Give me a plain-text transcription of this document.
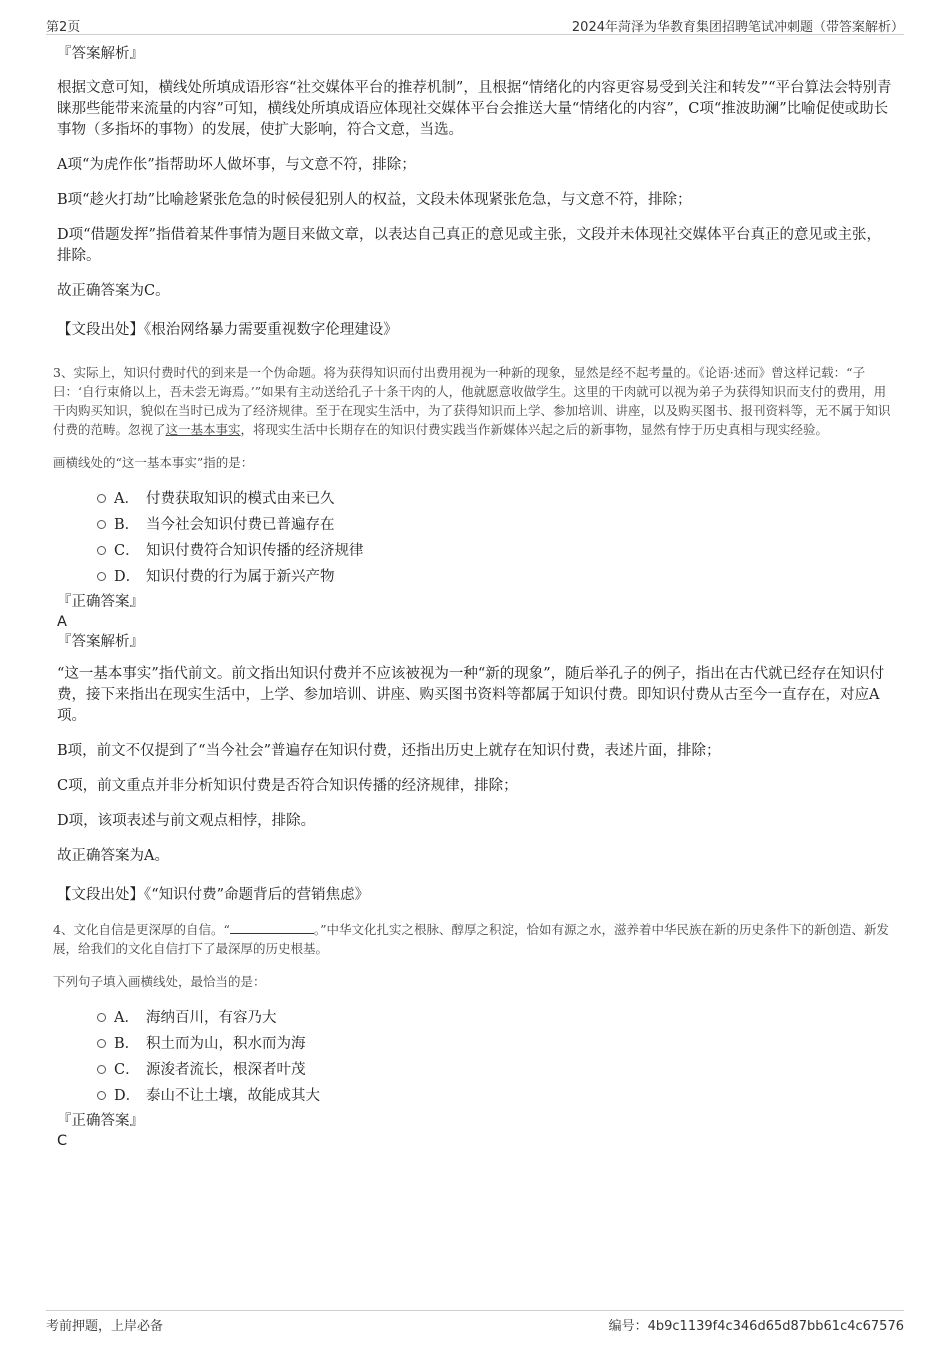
第2页	2024年菏泽为华教育集团招聘笔试冲刺题（带答案解析）

『答案解析』

根据文意可知，横线处所填成语形容“社交媒体平台的推荐机制”，且根据“情绪化的内容更容易受到关注和转发”“平台算法会特别青睐那些能带来流量的内容”可知，横线处所填成语应体现社交媒体平台会推送大量“情绪化的内容”，C项“推波助澜”比喻促使或助长事物（多指坏的事物）的发展，使扩大影响，符合文意，当选。

A项“为虎作伥”指帮助坏人做坏事，与文意不符，排除；

B项“趁火打劫”比喻趁紧张危急的时候侵犯别人的权益，文段未体现紧张危急，与文意不符，排除；

D项“借题发挥”指借着某件事情为题目来做文章，以表达自己真正的意见或主张，文段并未体现社交媒体平台真正的意见或主张，排除。

故正确答案为C。

【文段出处】《根治网络暴力需要重视数字伦理建设》

3、实际上，知识付费时代的到来是一个伪命题。将为获得知识而付出费用视为一种新的现象，显然是经不起考量的。《论语·述而》曾这样记载：“子曰：‘自行束脩以上，吾未尝无诲焉。’”如果有主动送给孔子十条干肉的人，他就愿意收做学生。这里的干肉就可以视为弟子为获得知识而支付的费用，用干肉购买知识，貌似在当时已成为了经济规律。至于在现实生活中，为了获得知识而上学、参加培训、讲座，以及购买图书、报刊资料等，无不属于知识付费的范畴。忽视了这一基本事实，将现实生活中长期存在的知识付费实践当作新媒体兴起之后的新事物，显然有悖于历史真相与现实经验。

画横线处的“这一基本事实”指的是：

A． 付费获取知识的模式由来已久
B． 当今社会知识付费已普遍存在
C． 知识付费符合知识传播的经济规律
D． 知识付费的行为属于新兴产物

『正确答案』

A

『答案解析』

“这一基本事实”指代前文。前文指出知识付费并不应该被视为一种“新的现象”，随后举孔子的例子，指出在古代就已经存在知识付费，接下来指出在现实生活中，上学、参加培训、讲座、购买图书资料等都属于知识付费。即知识付费从古至今一直存在，对应A项。

B项，前文不仅提到了“当今社会”普遍存在知识付费，还指出历史上就存在知识付费，表述片面，排除；

C项，前文重点并非分析知识付费是否符合知识传播的经济规律，排除；

D项，该项表述与前文观点相悖，排除。

故正确答案为A。

【文段出处】《“知识付费”命题背后的营销焦虑》

4、文化自信是更深厚的自信。“	。”中华文化扎实之根脉、醇厚之积淀，恰如有源之水，滋养着中华民族在新的历史条件下的新创造、新发展，给我们的文化自信打下了最深厚的历史根基。

下列句子填入画横线处，最恰当的是：

A． 海纳百川，有容乃大
B． 积土而为山，积水而为海
C． 源浚者流长，根深者叶茂
D． 泰山不让土壤，故能成其大

『正确答案』

C

考前押题，上岸必备	编号：4b9c1139f4c346d65d87bb61c4c67576
